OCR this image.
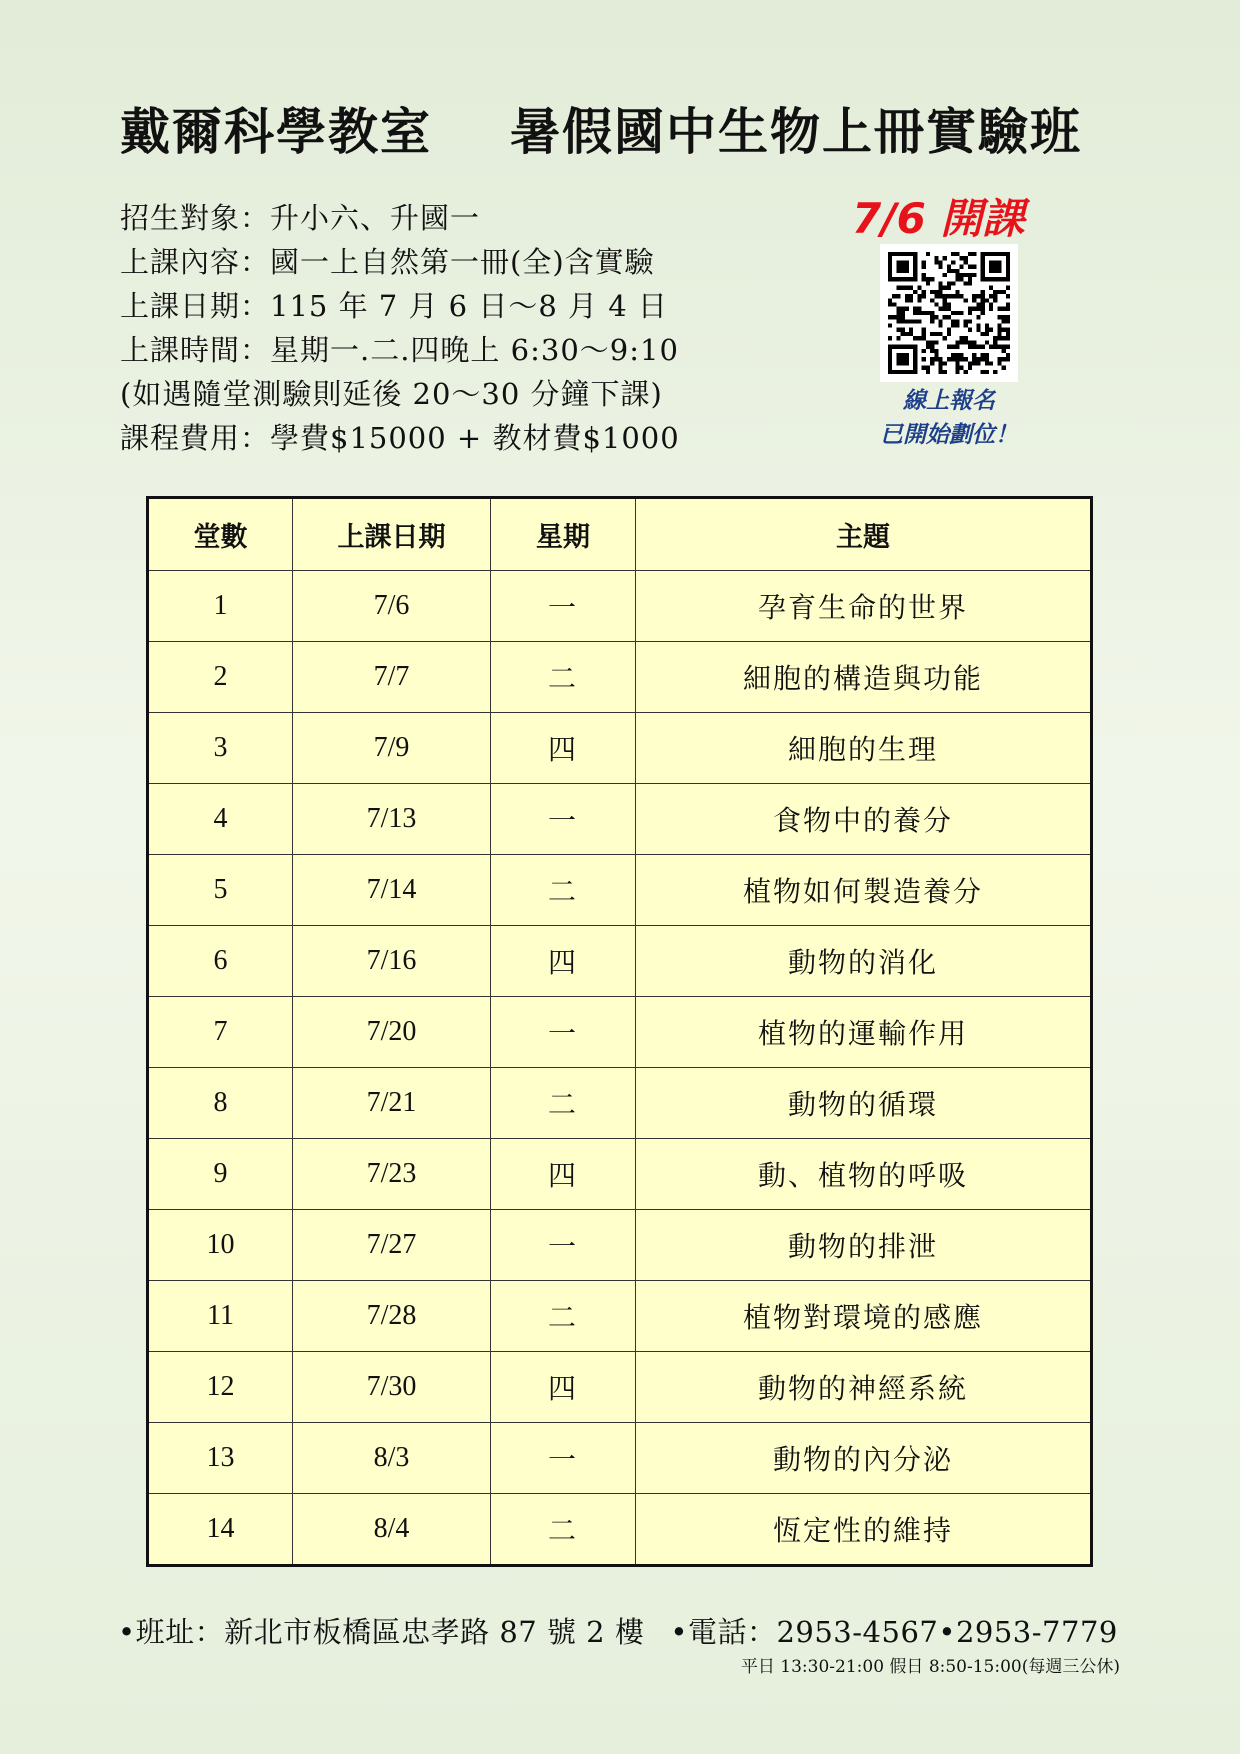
戴爾科學教室 暑假國中生物上冊實驗班
招生對象：升小六、升國一
上課內容：國一上自然第一冊(全)含實驗
上課日期：115 年 7 月 6 日～8 月 4 日
上課時間：星期一.二.四晚上 6:30～9:10
(如遇隨堂測驗則延後 20～30 分鐘下課)
課程費用：學費$15000 + 教材費$1000
7/6 開課
線上報名
已開始劃位！
堂數	上課日期	星期	主題
1	7/6	一	孕育生命的世界
2	7/7	二	細胞的構造與功能
3	7/9	四	細胞的生理
4	7/13	一	食物中的養分
5	7/14	二	植物如何製造養分
6	7/16	四	動物的消化
7	7/20	一	植物的運輸作用
8	7/21	二	動物的循環
9	7/23	四	動、植物的呼吸
10	7/27	一	動物的排泄
11	7/28	二	植物對環境的感應
12	7/30	四	動物的神經系統
13	8/3	一	動物的內分泌
14	8/4	二	恆定性的維持
•班址：新北市板橋區忠孝路 87 號 2 樓 •電話：2953-4567•2953-7779
平日 13:30-21:00 假日 8:50-15:00(每週三公休)
